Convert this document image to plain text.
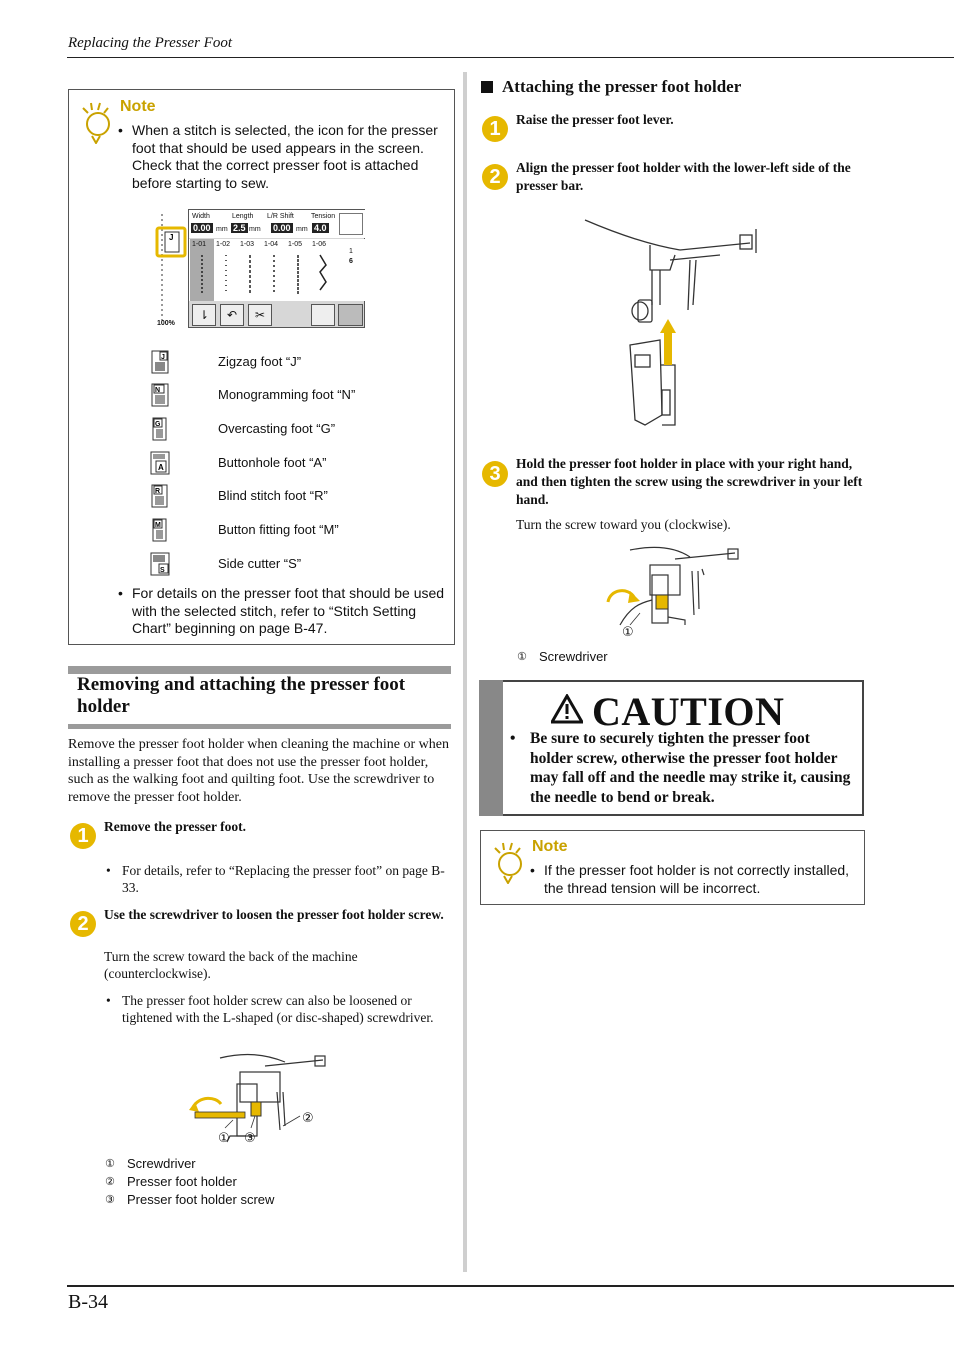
Replacing the Presser Foot
B-34
Note
• When a stitch is selected, the icon for the presser foot that should be used appears in the screen. Check that the correct presser foot is attached before starting to sew.
J
100%
Width	Length L/R Shift Tension
0.00 mm 2.5 mm 0.00 mm 4.0
1-01 1-02 1-03 1-04 1-05 1-06
1
6
⇂	↶	✂
J	Zigzag foot “J”
N	Monogramming foot “N”
G	Overcasting foot “G”
A	Buttonhole foot “A”
R	Blind stitch foot “R”
M	Button fitting foot “M”
S	Side cutter “S”
• For details on the presser foot that should be used with the selected stitch, refer to “Stitch Setting Chart” beginning on page B-47.
Removing and attaching the presser foot
holder
Remove the presser foot holder when cleaning the machine or when installing a presser foot that does not use the presser foot holder, such as the walking foot and quilting foot. Use the screwdriver to remove the presser foot holder.
1	Remove the presser foot.
• For details, refer to “Replacing the presser foot” on page B-33.
2	Use the screwdriver to loosen the presser foot holder screw.
Turn the screw toward the back of the machine (counterclockwise).
• The presser foot holder screw can also be loosened or tightened with the L-shaped (or disc-shaped) screwdriver.
① ③
②
① Screwdriver
② Presser foot holder
③ Presser foot holder screw
Attaching the presser foot holder
1	Raise the presser foot lever.
2	Align the presser foot holder with the lower-left side of the presser bar.
3	Hold the presser foot holder in place with your right hand, and then tighten the screw using the screwdriver in your left hand.
Turn the screw toward you (clockwise).
①
① Screwdriver
CAUTION
• Be sure to securely tighten the presser foot holder screw, otherwise the presser foot holder may fall off and the needle may strike it, causing the needle to bend or break.
Note
• If the presser foot holder is not correctly installed, the thread tension will be incorrect.
